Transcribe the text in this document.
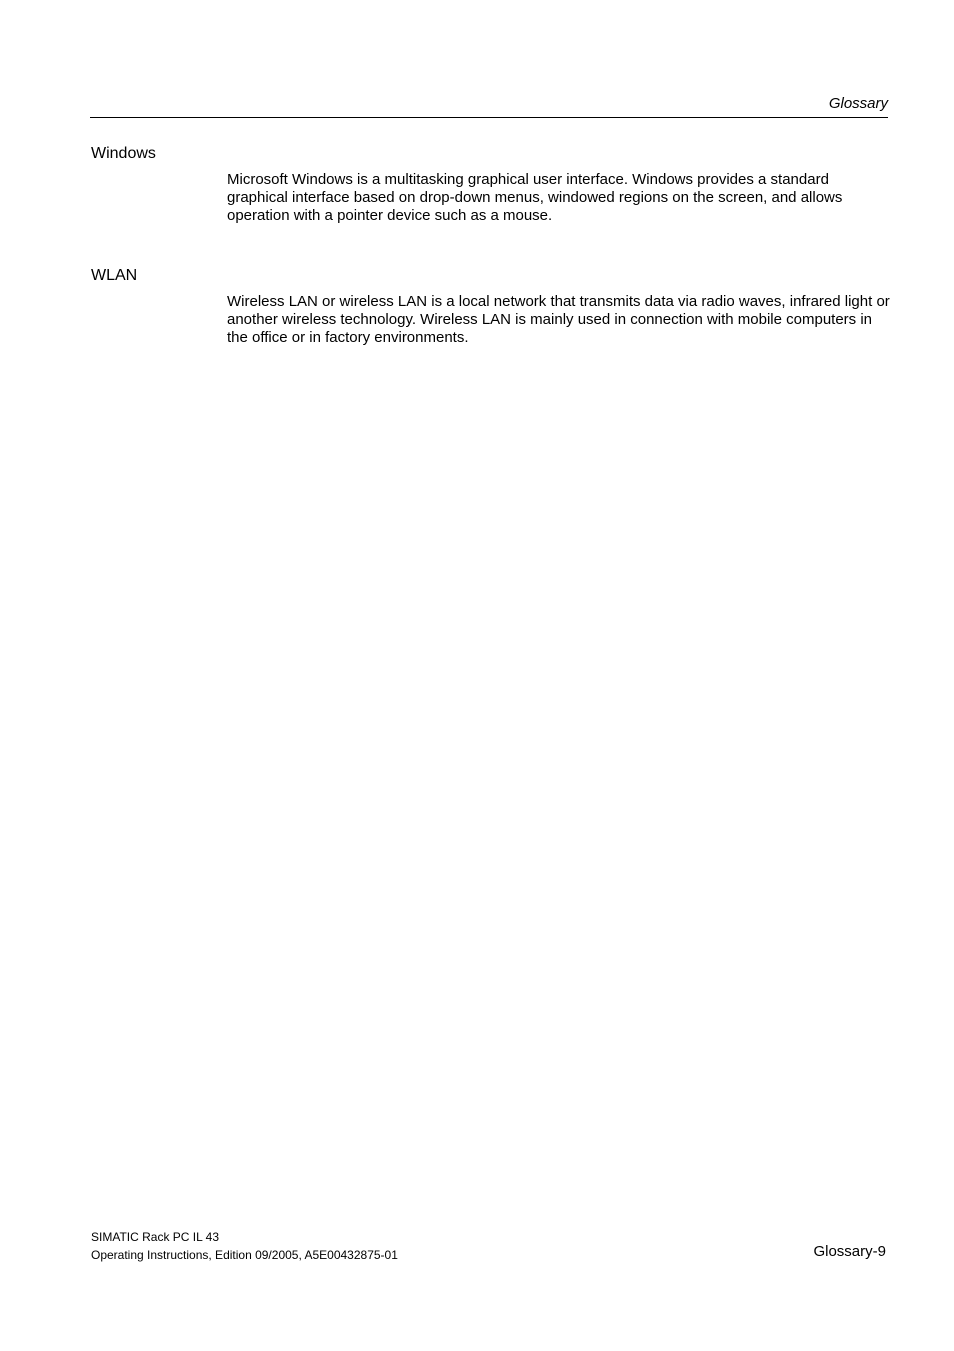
Glossary
Windows
Microsoft Windows is a multitasking graphical user interface. Windows provides a standard graphical interface based on drop-down menus, windowed regions on the screen, and allows operation with a pointer device such as a mouse.
WLAN
Wireless LAN or wireless LAN is a local network that transmits data via radio waves, infrared light or another wireless technology. Wireless LAN is mainly used in connection with mobile computers in the office or in factory environments.
SIMATIC Rack PC IL 43
Operating Instructions, Edition 09/2005, A5E00432875-01	Glossary-9
